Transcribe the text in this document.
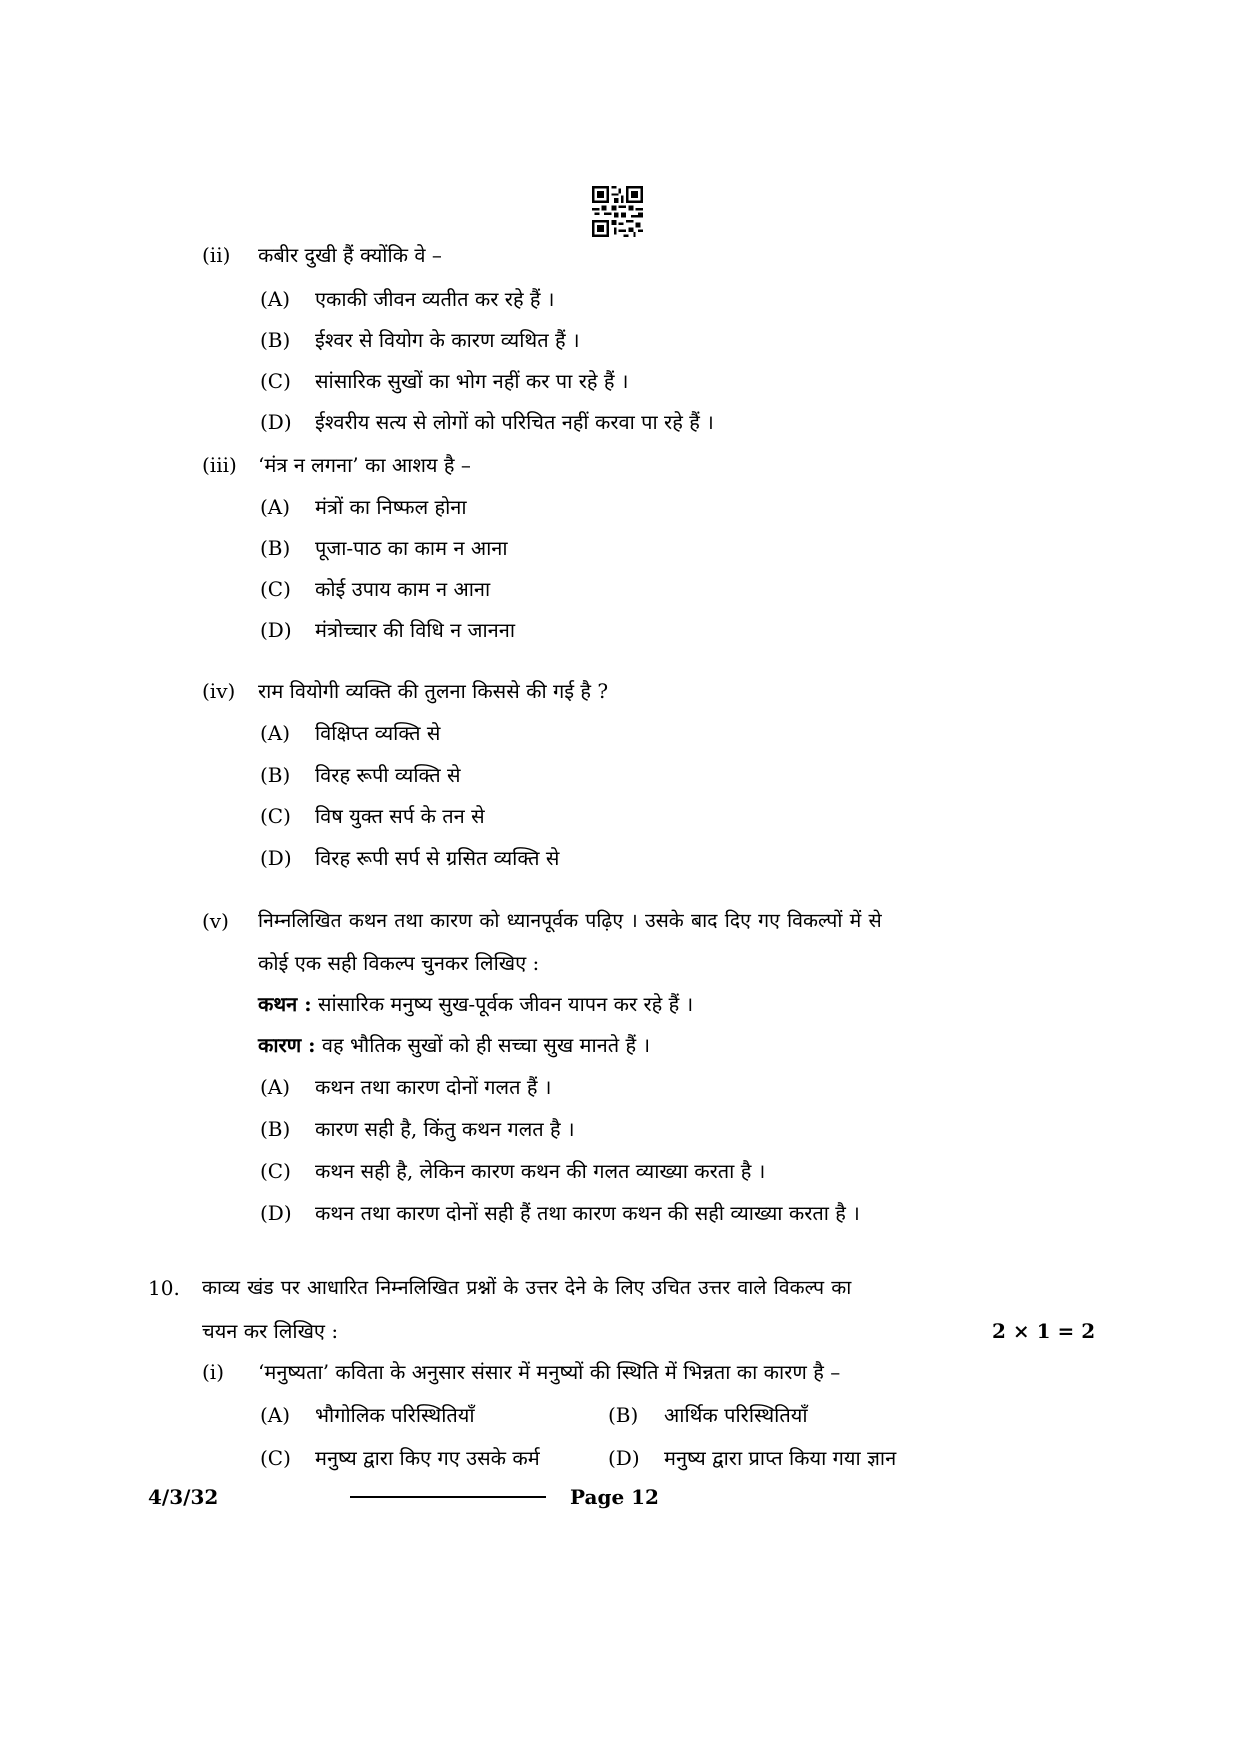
(ii) कबीर दुखी हैं क्योंकि वे –
(A) एकाकी जीवन व्यतीत कर रहे हैं ।
(B) ईश्वर से वियोग के कारण व्यथित हैं ।
(C) सांसारिक सुखों का भोग नहीं कर पा रहे हैं ।
(D) ईश्वरीय सत्य से लोगों को परिचित नहीं करवा पा रहे हैं ।
(iii) ‘मंत्र न लगना’ का आशय है –
(A) मंत्रों का निष्फल होना
(B) पूजा-पाठ का काम न आना
(C) कोई उपाय काम न आना
(D) मंत्रोच्चार की विधि न जानना
(iv) राम वियोगी व्यक्ति की तुलना किससे की गई है ?
(A) विक्षिप्त व्यक्ति से
(B) विरह रूपी व्यक्ति से
(C) विष युक्त सर्प के तन से
(D) विरह रूपी सर्प से ग्रसित व्यक्ति से
(v) निम्नलिखित कथन तथा कारण को ध्यानपूर्वक पढ़िए । उसके बाद दिए गए विकल्पों में से
कोई एक सही विकल्प चुनकर लिखिए :
कथन : सांसारिक मनुष्य सुख-पूर्वक जीवन यापन कर रहे हैं ।
कारण : वह भौतिक सुखों को ही सच्चा सुख मानते हैं ।
(A) कथन तथा कारण दोनों गलत हैं ।
(B) कारण सही है, किंतु कथन गलत है ।
(C) कथन सही है, लेकिन कारण कथन की गलत व्याख्या करता है ।
(D) कथन तथा कारण दोनों सही हैं तथा कारण कथन की सही व्याख्या करता है ।
10. काव्य खंड पर आधारित निम्नलिखित प्रश्नों के उत्तर देने के लिए उचित उत्तर वाले विकल्प का
चयन कर लिखिए :	2 × 1 = 2
(i) ‘मनुष्यता’ कविता के अनुसार संसार में मनुष्यों की स्थिति में भिन्नता का कारण है –
(A) भौगोलिक परिस्थितियाँ	(B) आर्थिक परिस्थितियाँ
(C) मनुष्य द्वारा किए गए उसके कर्म	(D) मनुष्य द्वारा प्राप्त किया गया ज्ञान
4/3/32	Page 12
